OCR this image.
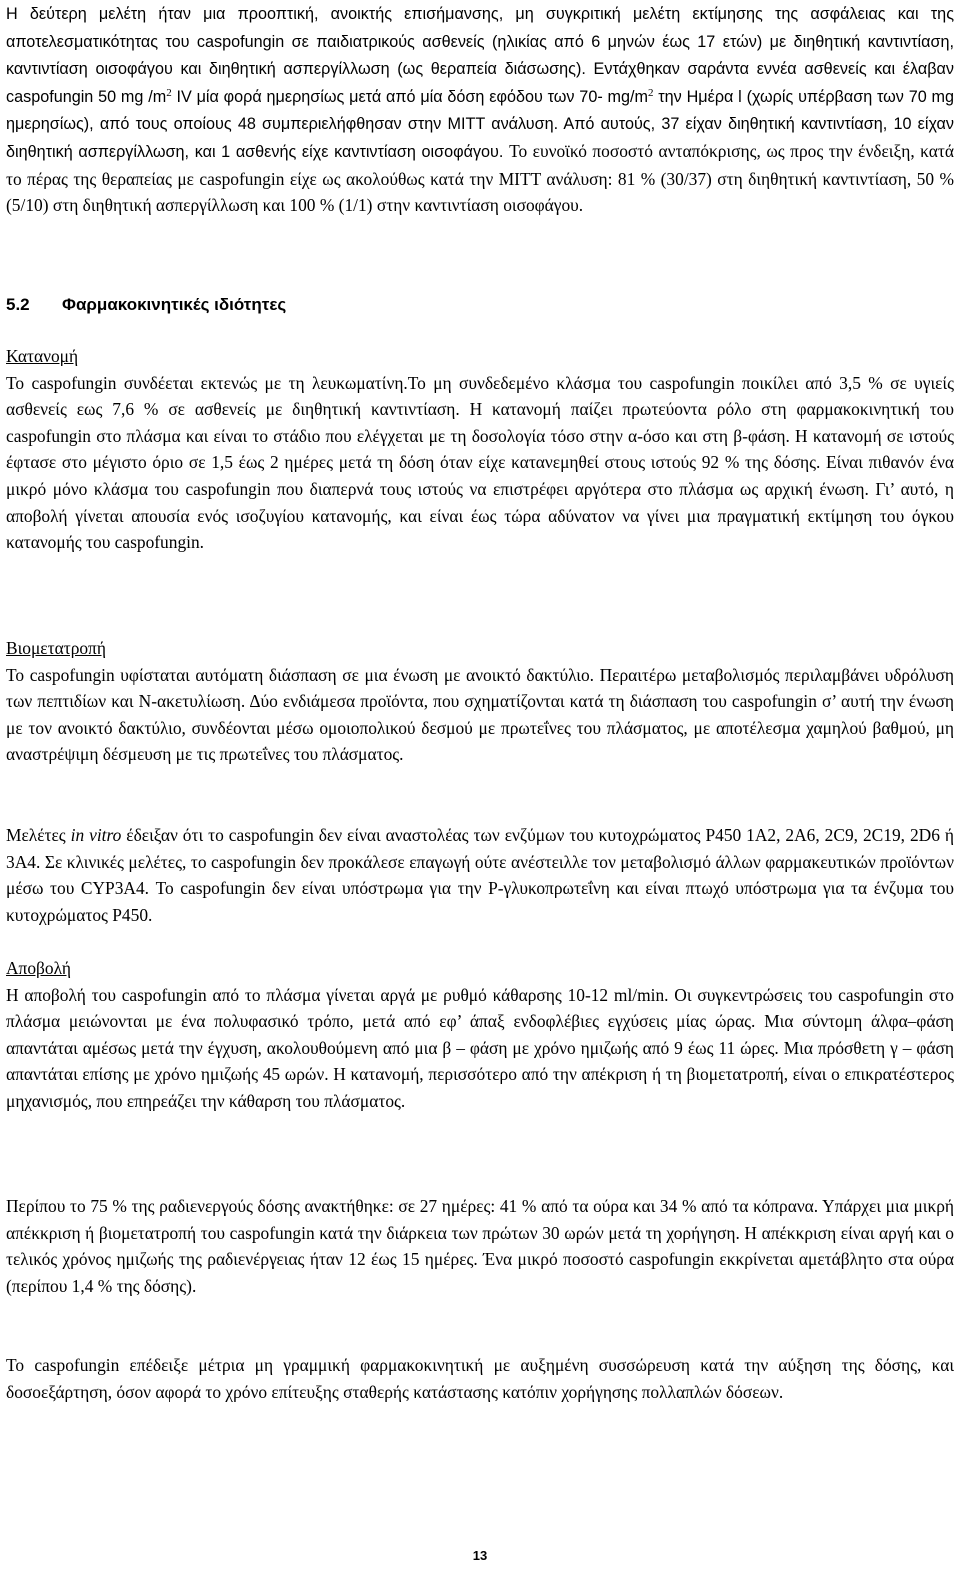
Η δεύτερη μελέτη ήταν μια προοπτική, ανοικτής επισήμανσης, μη συγκριτική μελέτη εκτίμησης της ασφάλειας και της αποτελεσματικότητας του caspofungin σε παιδιατρικούς ασθενείς (ηλικίας από 6 μηνών έως 17 ετών) με διηθητική καντιντίαση, καντιντίαση οισοφάγου και διηθητική ασπεργίλλωση (ως θεραπεία διάσωσης). Εντάχθηκαν σαράντα εννέα ασθενείς και έλαβαν caspofungin 50 mg $/m^2$ IV μία φορά ημερησίως μετά από μία δόση εφόδου των 70- $mg/m^2$ την Ημέρα l (χωρίς υπέρβαση των 70 mg ημερησίως), από τους οποίους 48 συμπεριελήφθησαν στην MITT ανάλυση. Από αυτούς, 37 είχαν διηθητική καντιντίαση, 10 είχαν διηθητική ασπεργίλλωση, και 1 ασθενής είχε καντιντίαση οισοφάγου. Το ευνοϊκό ποσοστό ανταπόκρισης, ως προς την ένδειξη, κατά το πέρας της θεραπείας με caspofungin είχε ως ακολούθως κατά την MITT ανάλυση: 81 % (30/37) στη διηθητική καντιντίαση, 50 % (5/10) στη διηθητική ασπεργίλλωση και 100 % (1/1) στην καντιντίαση οισοφάγου.

5.2 Φαρμακοκινητικές ιδιότητες

Κατανομή
Το caspofungin συνδέεται εκτενώς με τη λευκωματίνη.Το μη συνδεδεμένο κλάσμα του caspofungin ποικίλει από 3,5 % σε υγιείς ασθενείς εως 7,6 % σε ασθενείς με διηθητική καντιντίαση. Η κατανομή παίζει πρωτεύοντα ρόλο στη φαρμακοκινητική του caspofungin στο πλάσμα και είναι το στάδιο που ελέγχεται με τη δοσολογία τόσο στην α-όσο και στη β-φάση. Η κατανομή σε ιστούς έφτασε στο μέγιστο όριο σε 1,5 έως 2 ημέρες μετά τη δόση όταν είχε κατανεμηθεί στους ιστούς 92 % της δόσης. Είναι πιθανόν ένα μικρό μόνο κλάσμα του caspofungin που διαπερνά τους ιστούς να επιστρέφει αργότερα στο πλάσμα ως αρχική ένωση. Γι’ αυτό, η αποβολή γίνεται απουσία ενός ισοζυγίου κατανομής, και είναι έως τώρα αδύνατον να γίνει μια πραγματική εκτίμηση του όγκου κατανομής του caspofungin.
Βιομετατροπή
Το caspofungin υφίσταται αυτόματη διάσπαση σε μια ένωση με ανοικτό δακτύλιο. Περαιτέρω μεταβολισμός περιλαμβάνει υδρόλυση των πεπτιδίων και N-ακετυλίωση. Δύο ενδιάμεσα προϊόντα, που σχηματίζονται κατά τη διάσπαση του caspofungin σ’ αυτή την ένωση με τον ανοικτό δακτύλιο, συνδέονται μέσω ομοιοπολικού δεσμού με πρωτεΐνες του πλάσματος, με αποτέλεσμα χαμηλού βαθμού, μη αναστρέψιμη δέσμευση με τις πρωτεΐνες του πλάσματος.

Μελέτες in vitro έδειξαν ότι το caspofungin δεν είναι αναστολέας των ενζύμων του κυτοχρώματος P450 1A2, 2A6, 2C9, 2C19, 2D6 ή 3A4. Σε κλινικές μελέτες, το caspofungin δεν προκάλεσε επαγωγή ούτε ανέστειλλε τον μεταβολισμό άλλων φαρμακευτικών προϊόντων μέσω του CYP3A4. Το caspofungin δεν είναι υπόστρωμα για την P-γλυκοπρωτεΐνη και είναι πτωχό υπόστρωμα για τα ένζυμα του κυτοχρώματος P450.

Αποβολή
Η αποβολή του caspofungin από το πλάσμα γίνεται αργά με ρυθμό κάθαρσης 10-12 ml/min. Οι συγκεντρώσεις του caspofungin στο πλάσμα μειώνονται με ένα πολυφασικό τρόπο, μετά από εφ’ άπαξ ενδοφλέβιες εγχύσεις μίας ώρας. Μια σύντομη άλφα–φάση απαντάται αμέσως μετά την έγχυση, ακολουθούμενη από μια β – φάση με χρόνο ημιζωής από 9 έως 11 ώρες. Μια πρόσθετη γ – φάση απαντάται επίσης με χρόνο ημιζωής 45 ωρών. Η κατανομή, περισσότερο από την απέκριση ή τη βιομετατροπή, είναι ο επικρατέστερος μηχανισμός, που επηρεάζει την κάθαρση του πλάσματος.

Περίπου το 75 % της ραδιενεργούς δόσης ανακτήθηκε: σε 27 ημέρες: 41 % από τα ούρα και 34 % από τα κόπρανα. Υπάρχει μια μικρή απέκκριση ή βιομετατροπή του caspofungin κατά την διάρκεια των πρώτων 30 ωρών μετά τη χορήγηση. Η απέκκριση είναι αργή και ο τελικός χρόνος ημιζωής της ραδιενέργειας ήταν 12 έως 15 ημέρες. Ένα μικρό ποσοστό caspofungin εκκρίνεται αμετάβλητο στα ούρα (περίπου 1,4 % της δόσης).

Το caspofungin επέδειξε μέτρια μη γραμμική φαρμακοκινητική με αυξημένη συσσώρευση κατά την αύξηση της δόσης, και δοσοεξάρτηση, όσον αφορά το χρόνο επίτευξης σταθερής κατάστασης κατόπιν χορήγησης πολλαπλών δόσεων.

13
